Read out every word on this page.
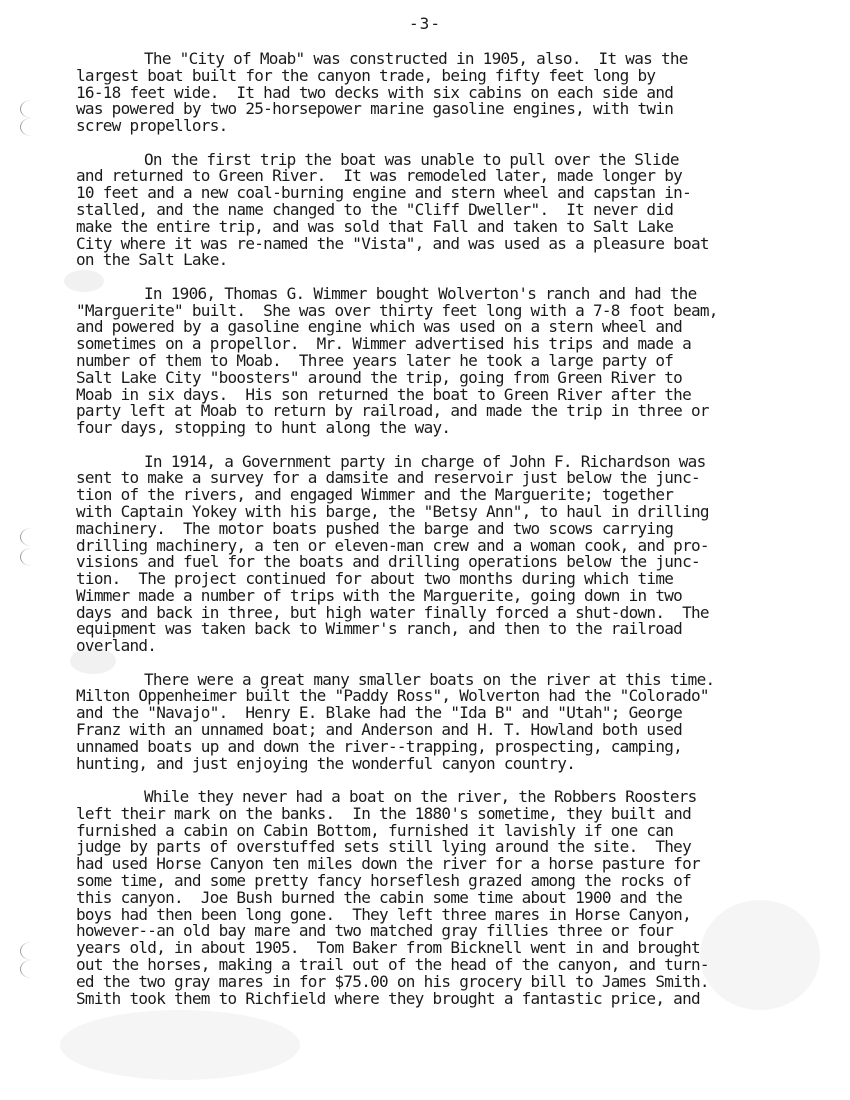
-3-
The "City of Moab" was constructed in 1905, also.  It was the
largest boat built for the canyon trade, being fifty feet long by
16-18 feet wide.  It had two decks with six cabins on each side and
was powered by two 25-horsepower marine gasoline engines, with twin
screw propellors.
On the first trip the boat was unable to pull over the Slide
and returned to Green River.  It was remodeled later, made longer by
10 feet and a new coal-burning engine and stern wheel and capstan in-
stalled, and the name changed to the "Cliff Dweller".  It never did
make the entire trip, and was sold that Fall and taken to Salt Lake
City where it was re-named the "Vista", and was used as a pleasure boat
on the Salt Lake.
In 1906, Thomas G. Wimmer bought Wolverton's ranch and had the
"Marguerite" built.  She was over thirty feet long with a 7-8 foot beam,
and powered by a gasoline engine which was used on a stern wheel and
sometimes on a propellor.  Mr. Wimmer advertised his trips and made a
number of them to Moab.  Three years later he took a large party of
Salt Lake City "boosters" around the trip, going from Green River to
Moab in six days.  His son returned the boat to Green River after the
party left at Moab to return by railroad, and made the trip in three or
four days, stopping to hunt along the way.
In 1914, a Government party in charge of John F. Richardson was
sent to make a survey for a damsite and reservoir just below the junc-
tion of the rivers, and engaged Wimmer and the Marguerite; together
with Captain Yokey with his barge, the "Betsy Ann", to haul in drilling
machinery.  The motor boats pushed the barge and two scows carrying
drilling machinery, a ten or eleven-man crew and a woman cook, and pro-
visions and fuel for the boats and drilling operations below the junc-
tion.  The project continued for about two months during which time
Wimmer made a number of trips with the Marguerite, going down in two
days and back in three, but high water finally forced a shut-down.  The
equipment was taken back to Wimmer's ranch, and then to the railroad
overland.
There were a great many smaller boats on the river at this time.
Milton Oppenheimer built the "Paddy Ross", Wolverton had the "Colorado"
and the "Navajo".  Henry E. Blake had the "Ida B" and "Utah"; George
Franz with an unnamed boat; and Anderson and H. T. Howland both used
unnamed boats up and down the river--trapping, prospecting, camping,
hunting, and just enjoying the wonderful canyon country.
While they never had a boat on the river, the Robbers Roosters
left their mark on the banks.  In the 1880's sometime, they built and
furnished a cabin on Cabin Bottom, furnished it lavishly if one can
judge by parts of overstuffed sets still lying around the site.  They
had used Horse Canyon ten miles down the river for a horse pasture for
some time, and some pretty fancy horseflesh grazed among the rocks of
this canyon.  Joe Bush burned the cabin some time about 1900 and the
boys had then been long gone.  They left three mares in Horse Canyon,
however--an old bay mare and two matched gray fillies three or four
years old, in about 1905.  Tom Baker from Bicknell went in and brought
out the horses, making a trail out of the head of the canyon, and turn-
ed the two gray mares in for $75.00 on his grocery bill to James Smith.
Smith took them to Richfield where they brought a fantastic price, and
